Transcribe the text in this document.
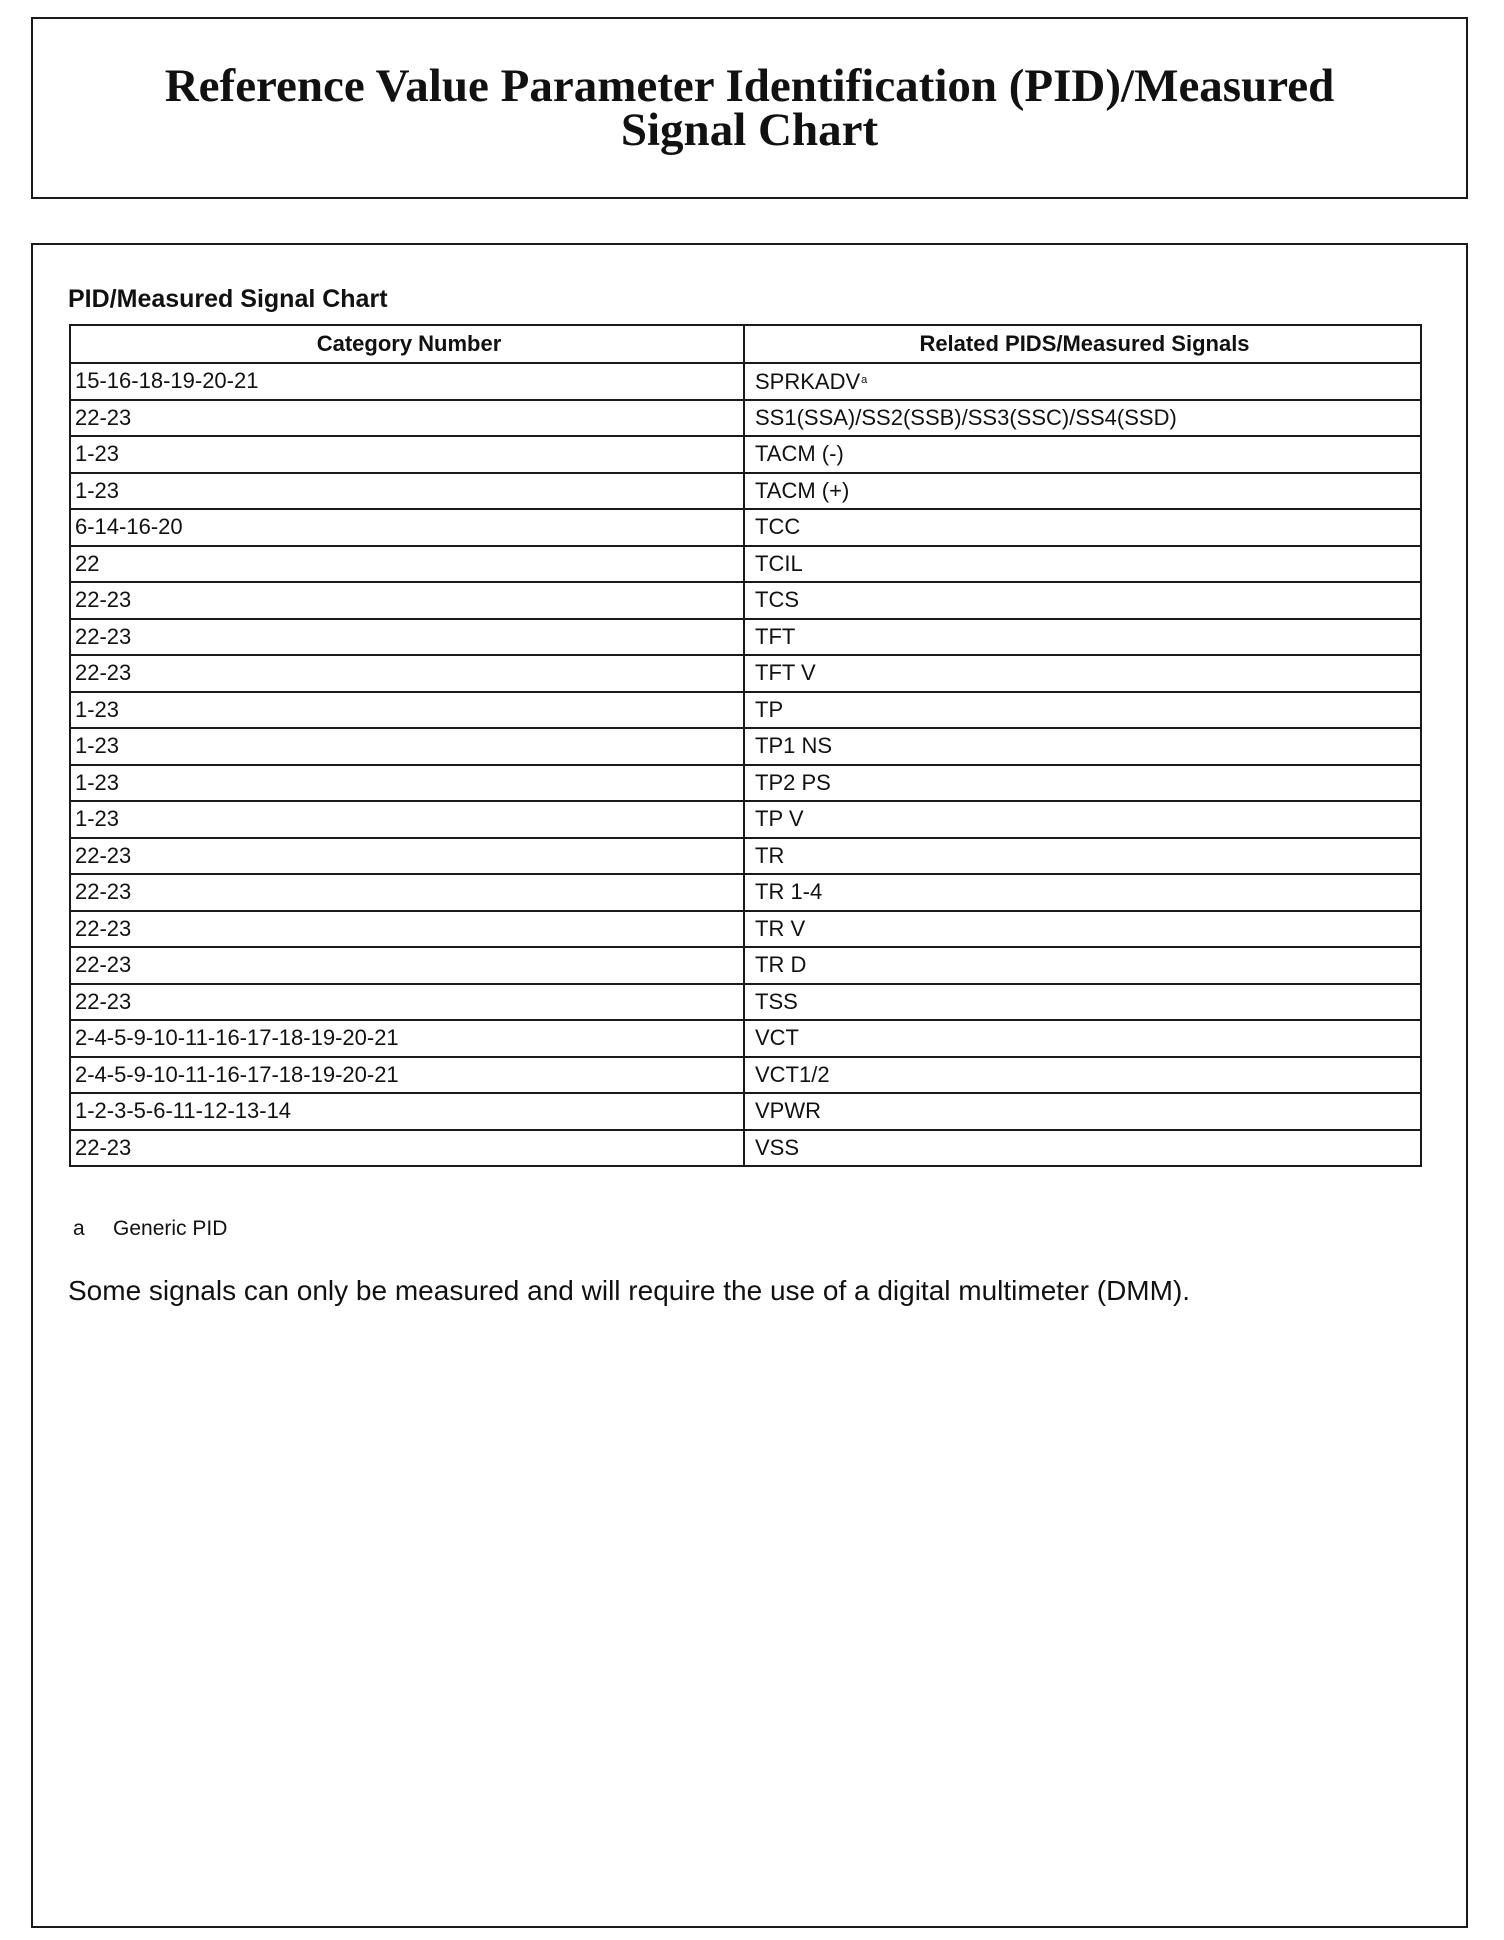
Reference Value Parameter Identification (PID)/Measured
Signal Chart

PID/Measured Signal Chart

Category Number	Related PIDS/Measured Signals
15-16-18-19-20-21	SPRKADV$^a$
22-23	SS1(SSA)/SS2(SSB)/SS3(SSC)/SS4(SSD)
1-23	TACM (-)
1-23	TACM (+)
6-14-16-20	TCC
22	TCIL
22-23	TCS
22-23	TFT
22-23	TFT V
1-23	TP
1-23	TP1 NS
1-23	TP2 PS
1-23	TP V
22-23	TR
22-23	TR 1-4
22-23	TR V
22-23	TR D
22-23	TSS
2-4-5-9-10-11-16-17-18-19-20-21	VCT
2-4-5-9-10-11-16-17-18-19-20-21	VCT1/2
1-2-3-5-6-11-12-13-14	VPWR
22-23	VSS

a Generic PID

Some signals can only be measured and will require the use of a digital multimeter (DMM).
